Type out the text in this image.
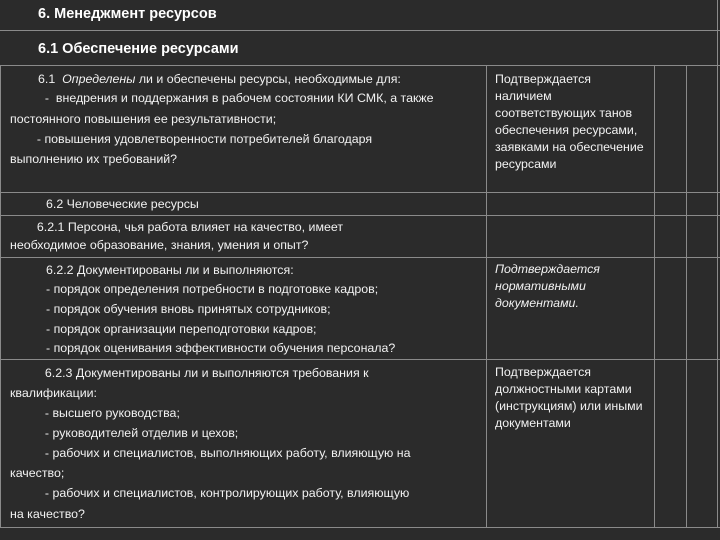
6. Менеджмент ресурсов
6.1 Обеспечение ресурсами
6.1  Определены ли и обеспечены ресурсы, необходимые для:
-  внедрения и поддержания в рабочем состоянии КИ СМК, а также
постоянного повышения ее результативности;
- повышения удовлетворенности потребителей благодаря
выполнению их требований?
Подтверждается наличием соответствующих танов обеспечения ресурсами, заявками на обеспечение ресурсами
6.2 Человеческие ресурсы
6.2.1 Персона, чья работа влияет на качество, имеет
необходимое образование, знания, умения и опыт?
6.2.2 Документированы ли и выполняются:
- порядок определения потребности в подготовке кадров;
- порядок обучения вновь принятых сотрудников;
- порядок организации переподготовки кадров;
- порядок оценивания эффективности обучения персонала?
Подтверждается нормативными документами.
6.2.3 Документированы ли и выполняются требования к
квалификации:
- высшего руководства;
- руководителей отделив и цехов;
- рабочих и специалистов, выполняющих работу, влияющую на
качество;
- рабочих и специалистов, контролирующих работу, влияющую
на качество?
Подтверждается должностными картами (инструкциям) или иными документами
